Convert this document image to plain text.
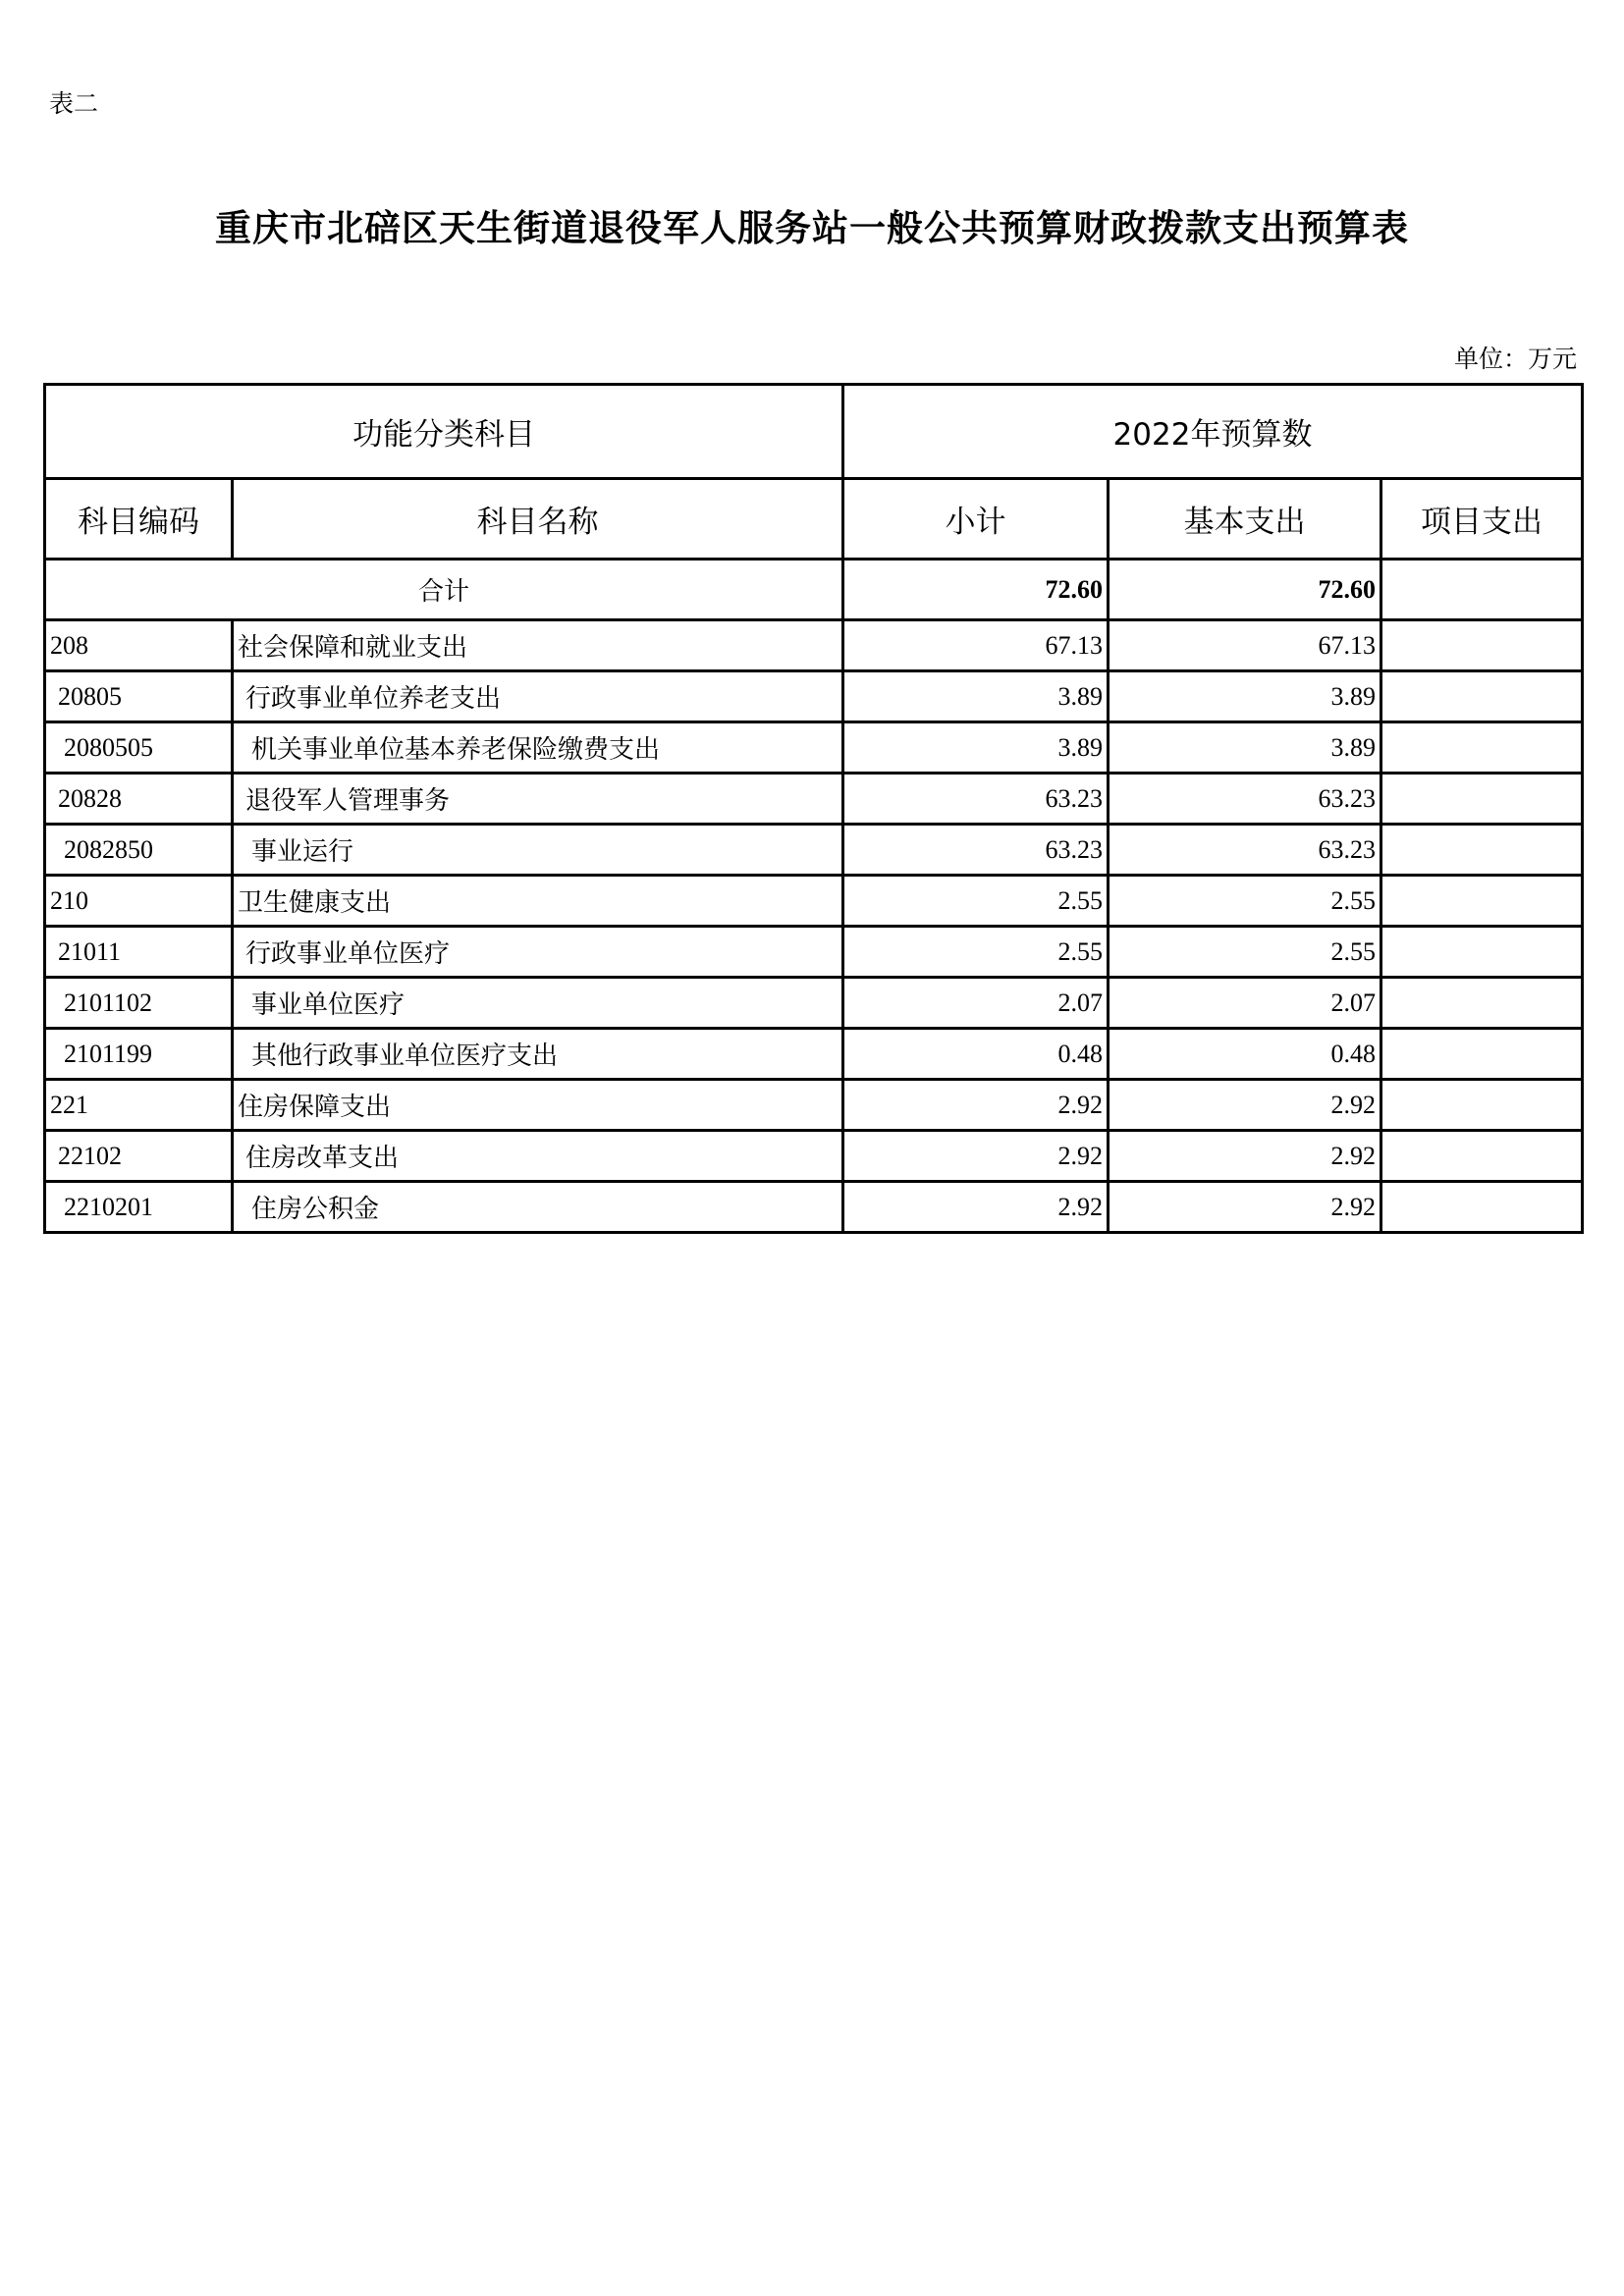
表二
重庆市北碚区天生街道退役军人服务站一般公共预算财政拨款支出预算表
单位：万元
功能分类科目		2022年预算数		
科目编码	科目名称	小计	基本支出	项目支出
合计		72.60	72.60	
208	社会保障和就业支出	67.13	67.13	
20805	行政事业单位养老支出	3.89	3.89	
2080505	机关事业单位基本养老保险缴费支出	3.89	3.89	
20828	退役军人管理事务	63.23	63.23	
2082850	事业运行	63.23	63.23	
210	卫生健康支出	2.55	2.55	
21011	行政事业单位医疗	2.55	2.55	
2101102	事业单位医疗	2.07	2.07	
2101199	其他行政事业单位医疗支出	0.48	0.48	
221	住房保障支出	2.92	2.92	
22102	住房改革支出	2.92	2.92	
2210201	住房公积金	2.92	2.92	
